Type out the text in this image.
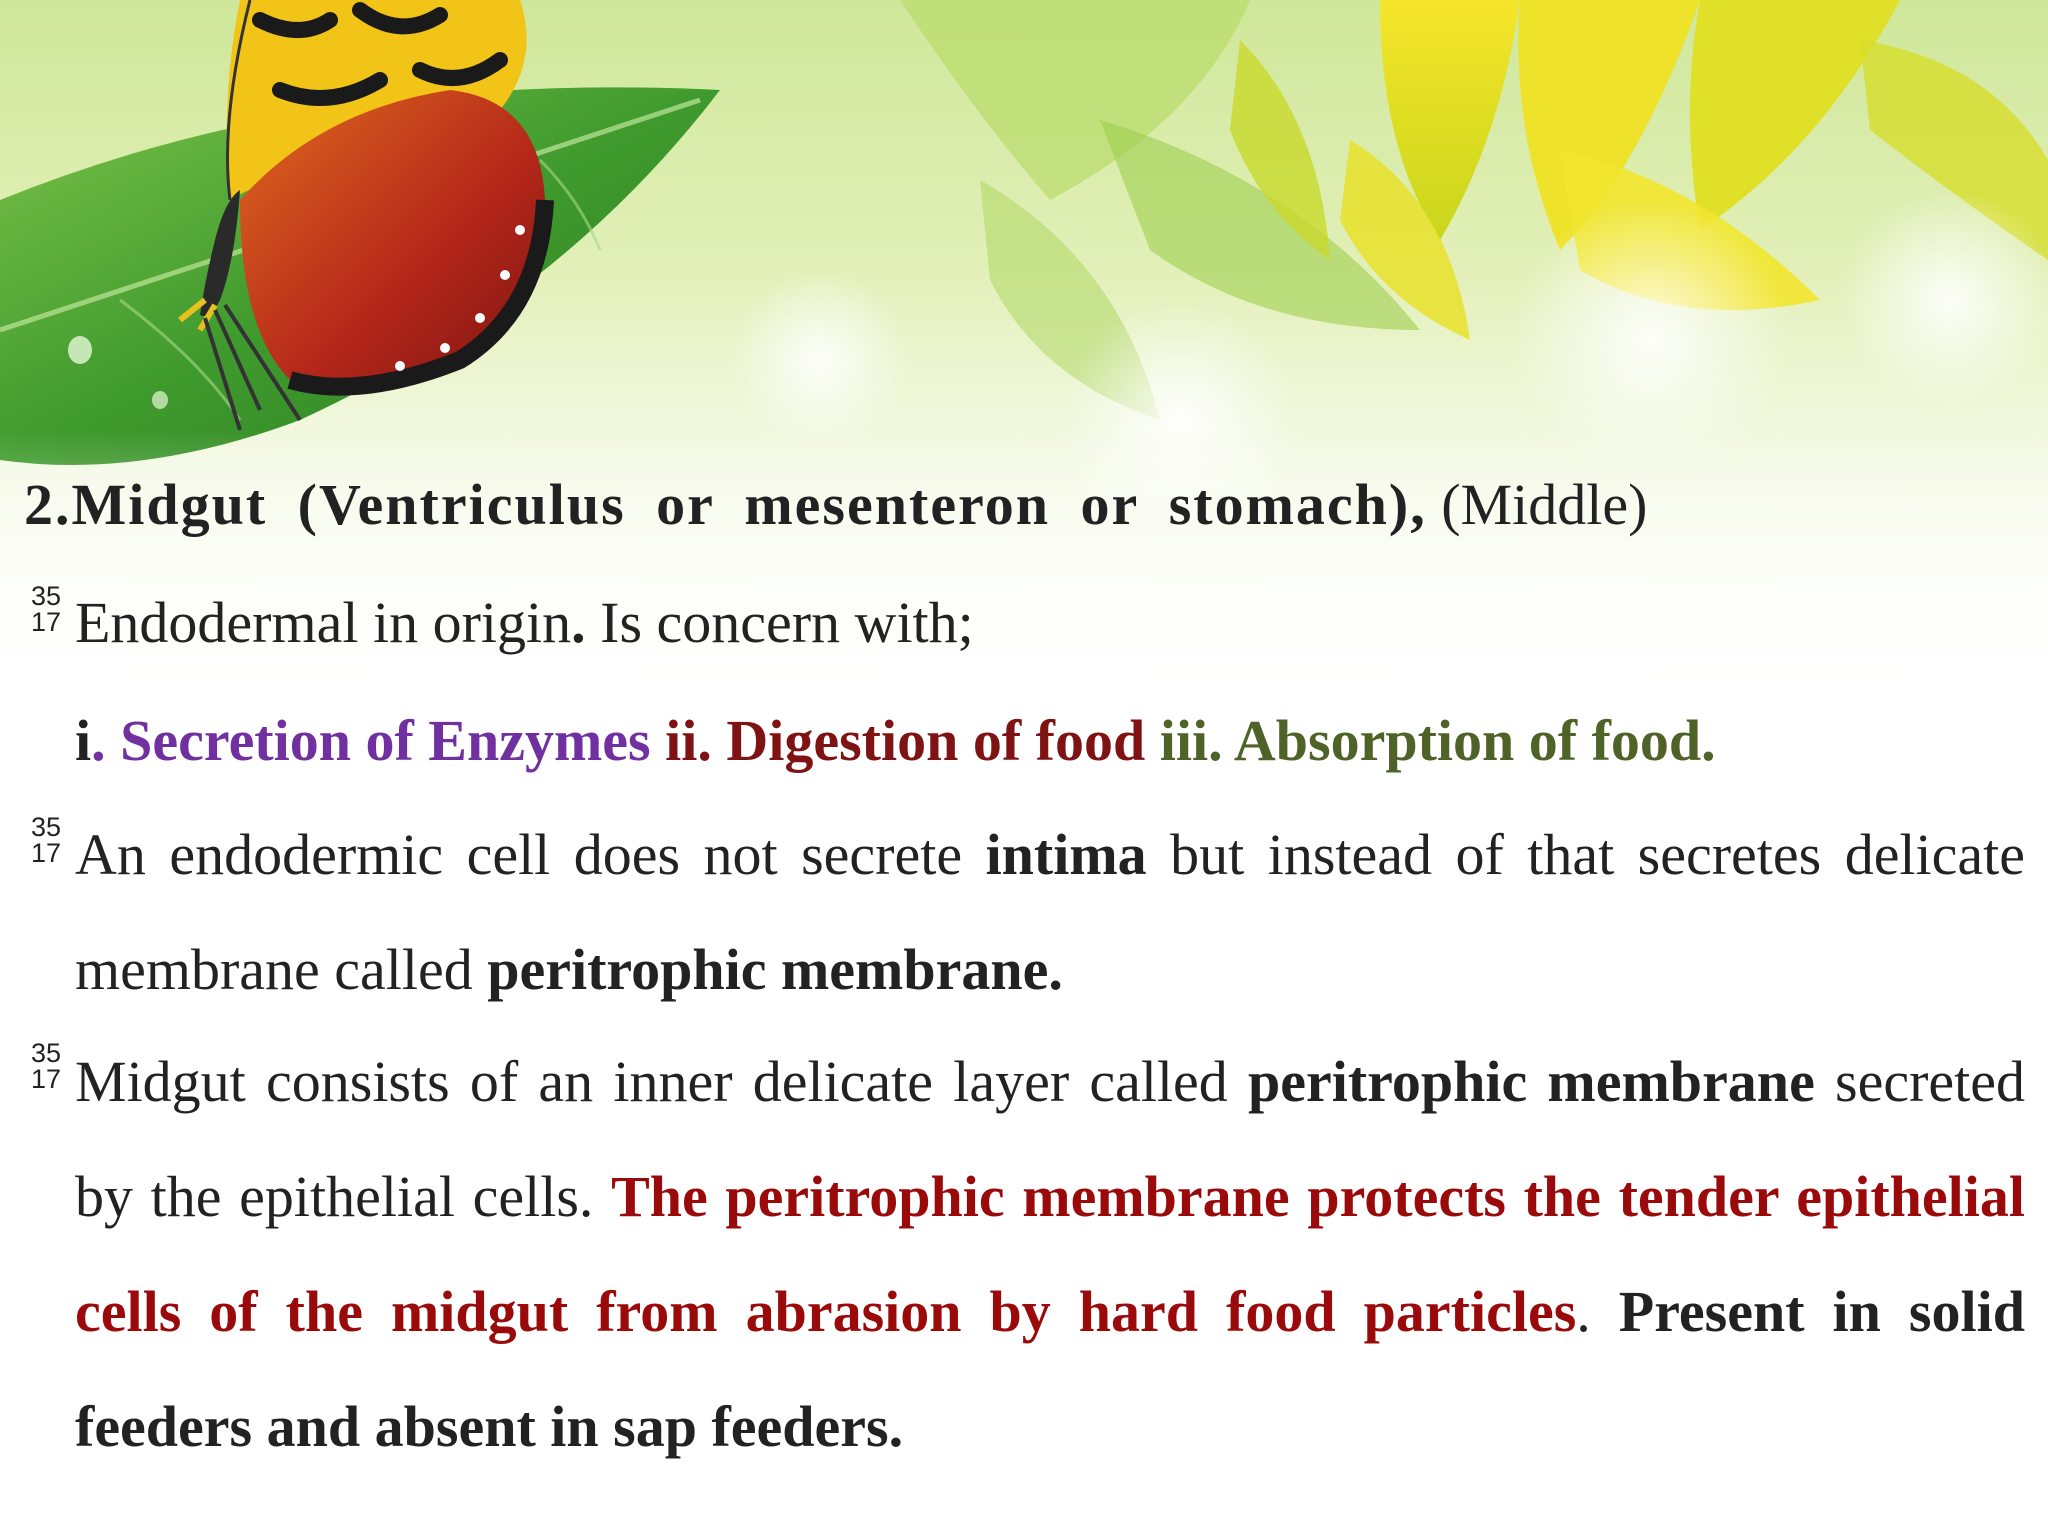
2.Midgut (Ventriculus or mesenteron or stomach), (Middle)
35
17 Endodermal in origin. Is concern with;
i. Secretion of Enzymes ii. Digestion of food iii. Absorption of food.
35
17 An endodermic cell does not secrete intima but instead of that secretes delicate membrane called peritrophic membrane.
35
17 Midgut consists of an inner delicate layer called peritrophic membrane secreted by the epithelial cells. The peritrophic membrane protects the tender epithelial cells of the midgut from abrasion by hard food particles. Present in solid feeders and absent in sap feeders.
